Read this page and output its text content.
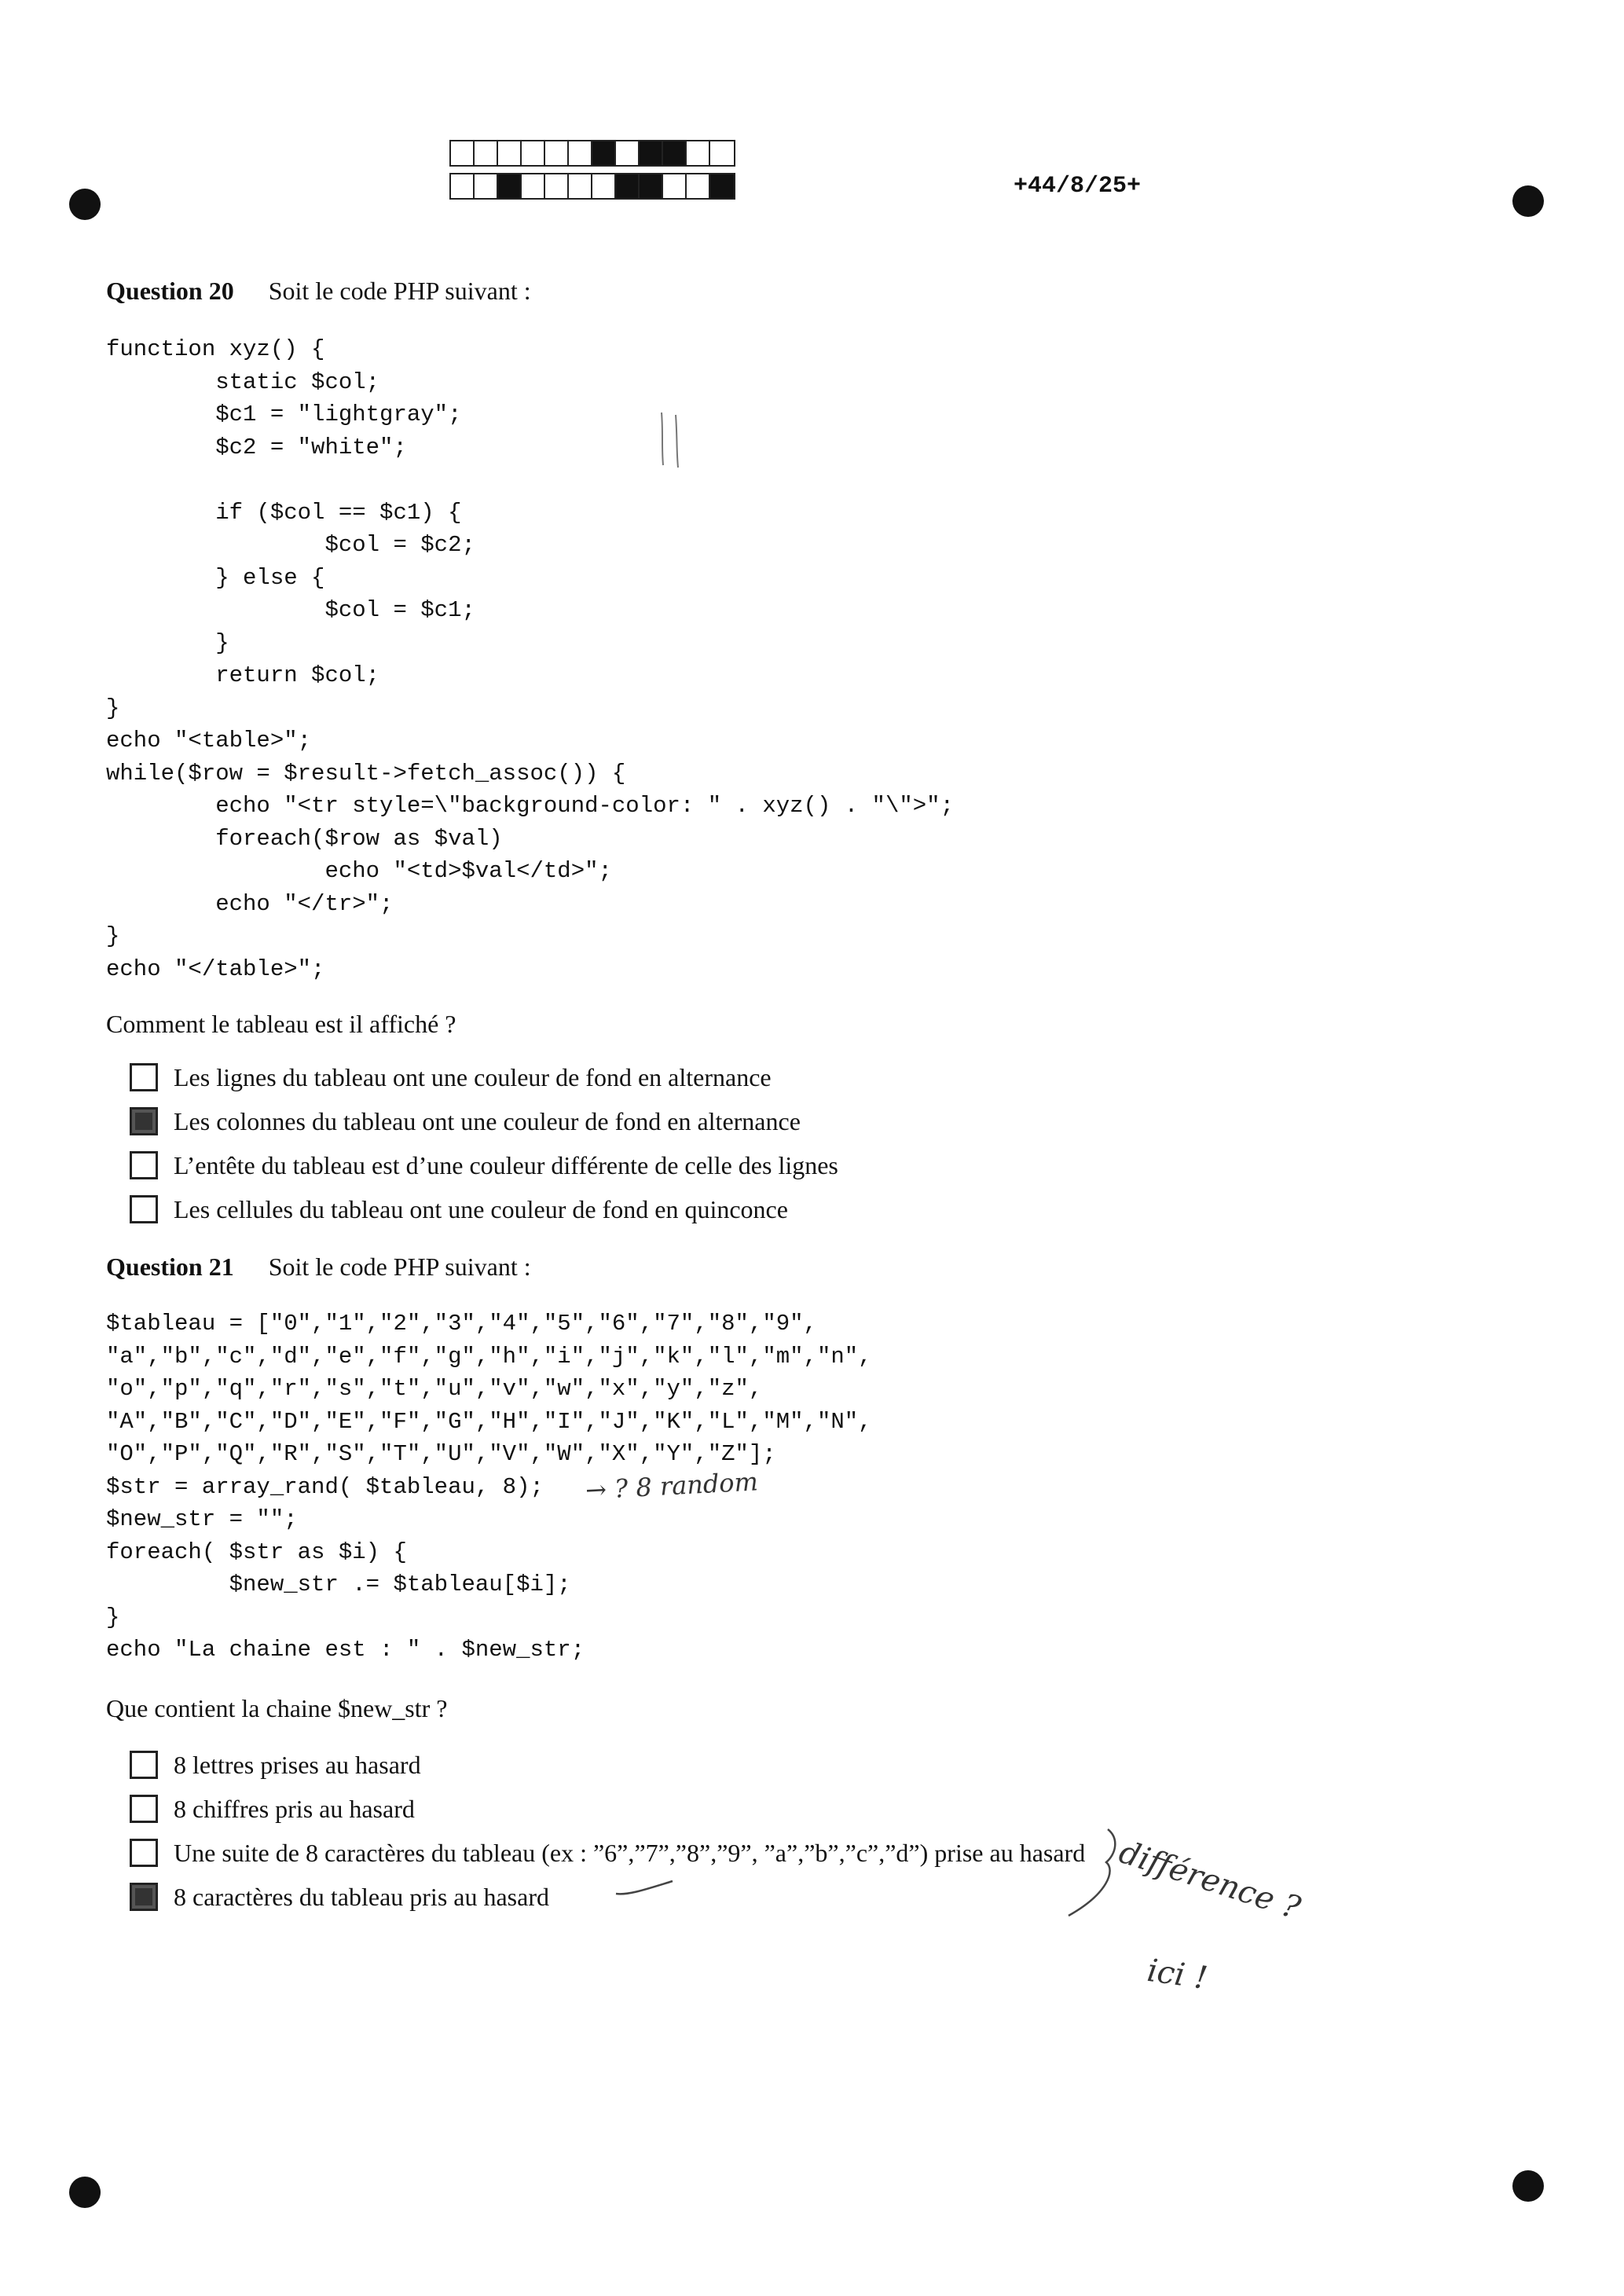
+44/8/25+
Question 20 Soit le code PHP suivant :
function xyz() {
static $col;
$c1 = "lightgray";
$c2 = "white";

if ($col == $c1) {
$col = $c2;
} else {
$col = $c1;
}
return $col;
}
echo "<table>";
while($row = $result->fetch_assoc()) {
echo "<tr style=\"background-color: " . xyz() . "\">";
foreach($row as $val)
echo "<td>$val</td>";
echo "</tr>";
}
echo "</table>";
Comment le tableau est il affiché ?
Les lignes du tableau ont une couleur de fond en alternance
Les colonnes du tableau ont une couleur de fond en alternance
L’entête du tableau est d’une couleur différente de celle des lignes
Les cellules du tableau ont une couleur de fond en quinconce
Question 21 Soit le code PHP suivant :
$tableau = ["0","1","2","3","4","5","6","7","8","9",
"a","b","c","d","e","f","g","h","i","j","k","l","m","n",
"o","p","q","r","s","t","u","v","w","x","y","z",
"A","B","C","D","E","F","G","H","I","J","K","L","M","N",
"O","P","Q","R","S","T","U","V","W","X","Y","Z"];
$str = array_rand( $tableau, 8);
$new_str = "";
foreach( $str as $i) {
$new_str .= $tableau[$i];
}
echo "La chaine est : " . $new_str;
→ ? 8 random
Que contient la chaine $new_str ?
8 lettres prises au hasard
8 chiffres pris au hasard
Une suite de 8 caractères du tableau (ex : ”6”,”7”,”8”,”9”, ”a”,”b”,”c”,”d”) prise au hasard
8 caractères du tableau pris au hasard	différence ?
ici !
